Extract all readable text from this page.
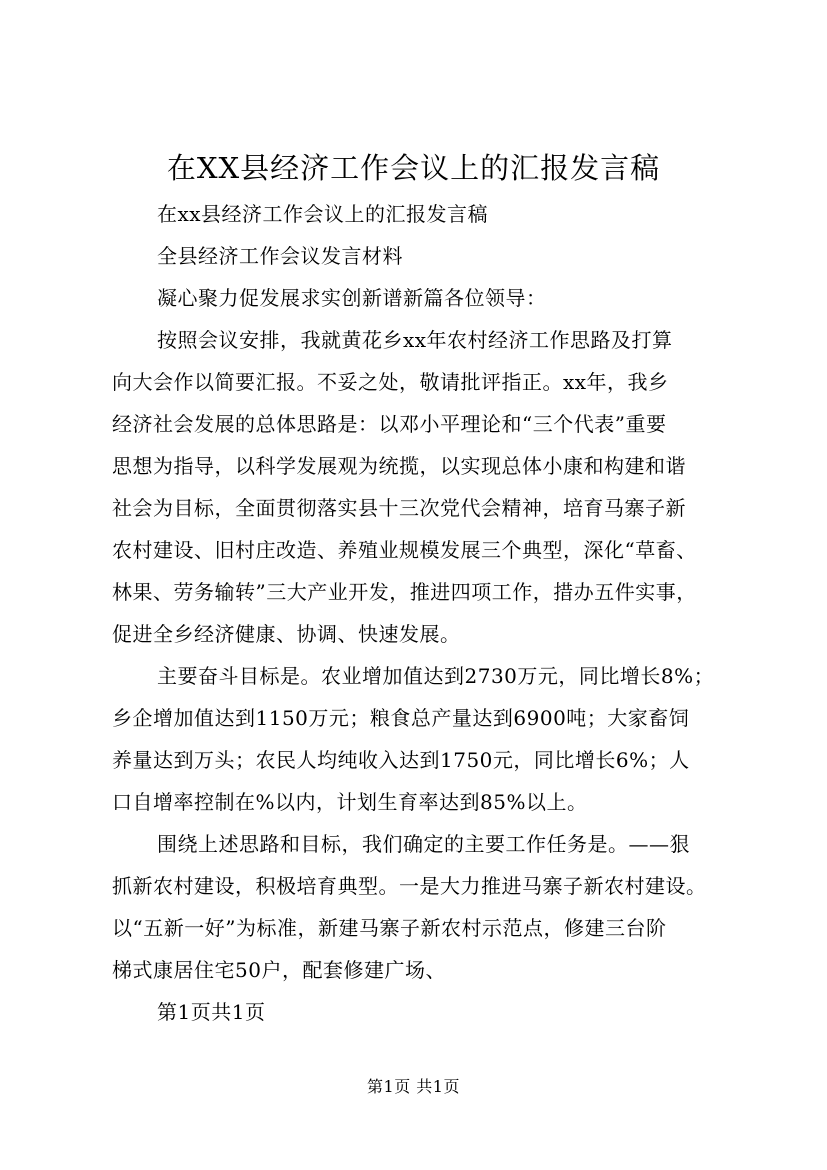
在XX县经济工作会议上的汇报发言稿
在xx县经济工作会议上的汇报发言稿
全县经济工作会议发言材料
凝心聚力促发展求实创新谱新篇各位领导：
按照会议安排，我就黄花乡xx年农村经济工作思路及打算
向大会作以简要汇报。不妥之处，敬请批评指正。xx年，我乡
经济社会发展的总体思路是：以邓小平理论和“三个代表”重要
思想为指导，以科学发展观为统揽，以实现总体小康和构建和谐
社会为目标，全面贯彻落实县十三次党代会精神，培育马寨子新
农村建设、旧村庄改造、养殖业规模发展三个典型，深化“草畜、
林果、劳务输转”三大产业开发，推进四项工作，措办五件实事，
促进全乡经济健康、协调、快速发展。
主要奋斗目标是。农业增加值达到2730万元，同比增长8%；
乡企增加值达到1150万元；粮食总产量达到6900吨；大家畜饲
养量达到万头；农民人均纯收入达到1750元，同比增长6%；人
口自增率控制在%以内，计划生育率达到85%以上。
围绕上述思路和目标，我们确定的主要工作任务是。——狠
抓新农村建设，积极培育典型。一是大力推进马寨子新农村建设。
以“五新一好”为标准，新建马寨子新农村示范点，修建三台阶
梯式康居住宅50户，配套修建广场、
第1页共1页
第1页 共1页
